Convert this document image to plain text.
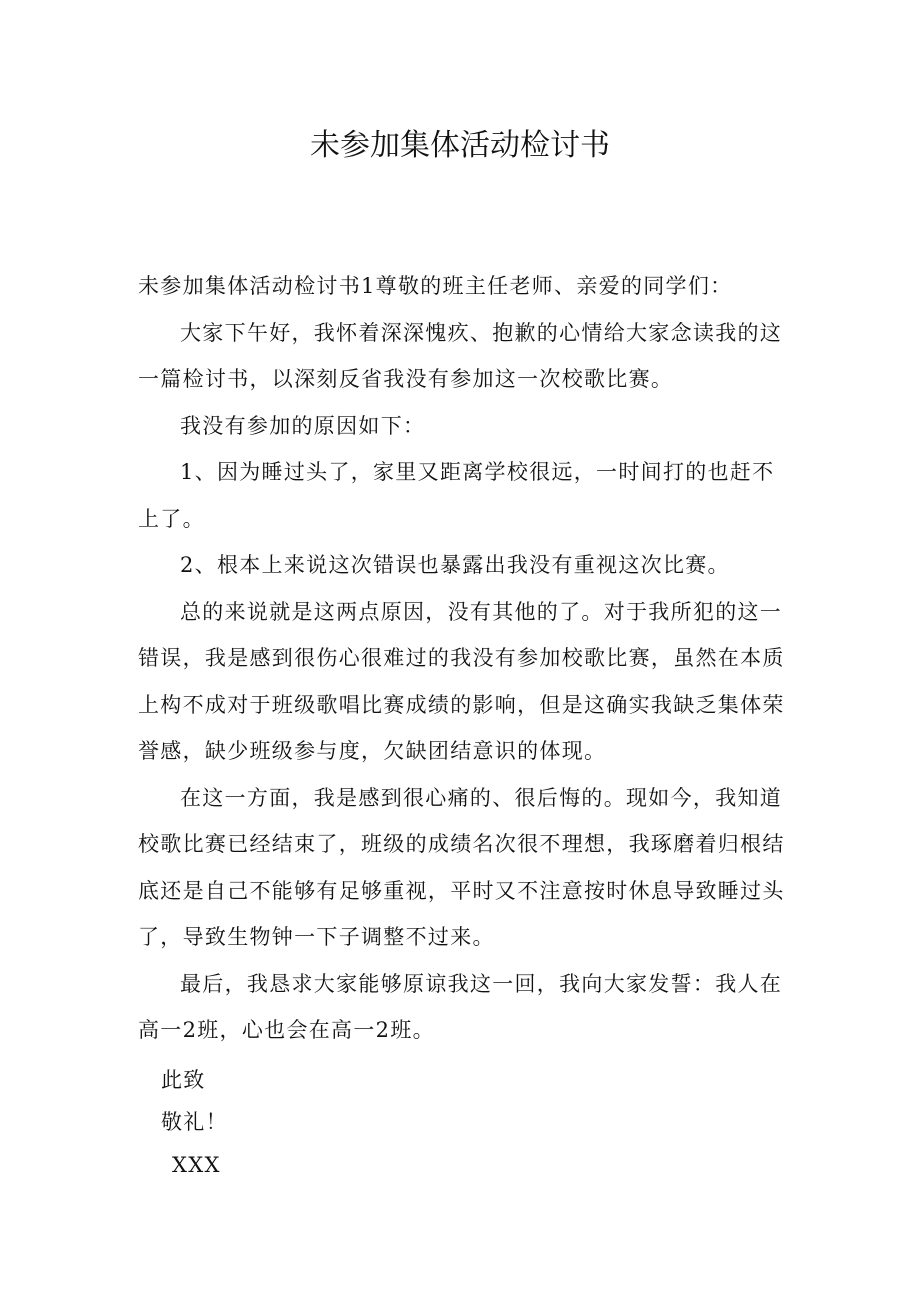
未参加集体活动检讨书

未参加集体活动检讨书1尊敬的班主任老师、亲爱的同学们：

大家下午好，我怀着深深愧疚、抱歉的心情给大家念读我的这一篇检讨书，以深刻反省我没有参加这一次校歌比赛。

我没有参加的原因如下：

1、因为睡过头了，家里又距离学校很远，一时间打的也赶不上了。

2、根本上来说这次错误也暴露出我没有重视这次比赛。

总的来说就是这两点原因，没有其他的了。对于我所犯的这一错误，我是感到很伤心很难过的我没有参加校歌比赛，虽然在本质上构不成对于班级歌唱比赛成绩的影响，但是这确实我缺乏集体荣誉感，缺少班级参与度，欠缺团结意识的体现。

在这一方面，我是感到很心痛的、很后悔的。现如今，我知道校歌比赛已经结束了，班级的成绩名次很不理想，我琢磨着归根结底还是自己不能够有足够重视，平时又不注意按时休息导致睡过头了，导致生物钟一下子调整不过来。

最后，我恳求大家能够原谅我这一回，我向大家发誓：我人在高一2班，心也会在高一2班。

此致

敬礼！

XXX
